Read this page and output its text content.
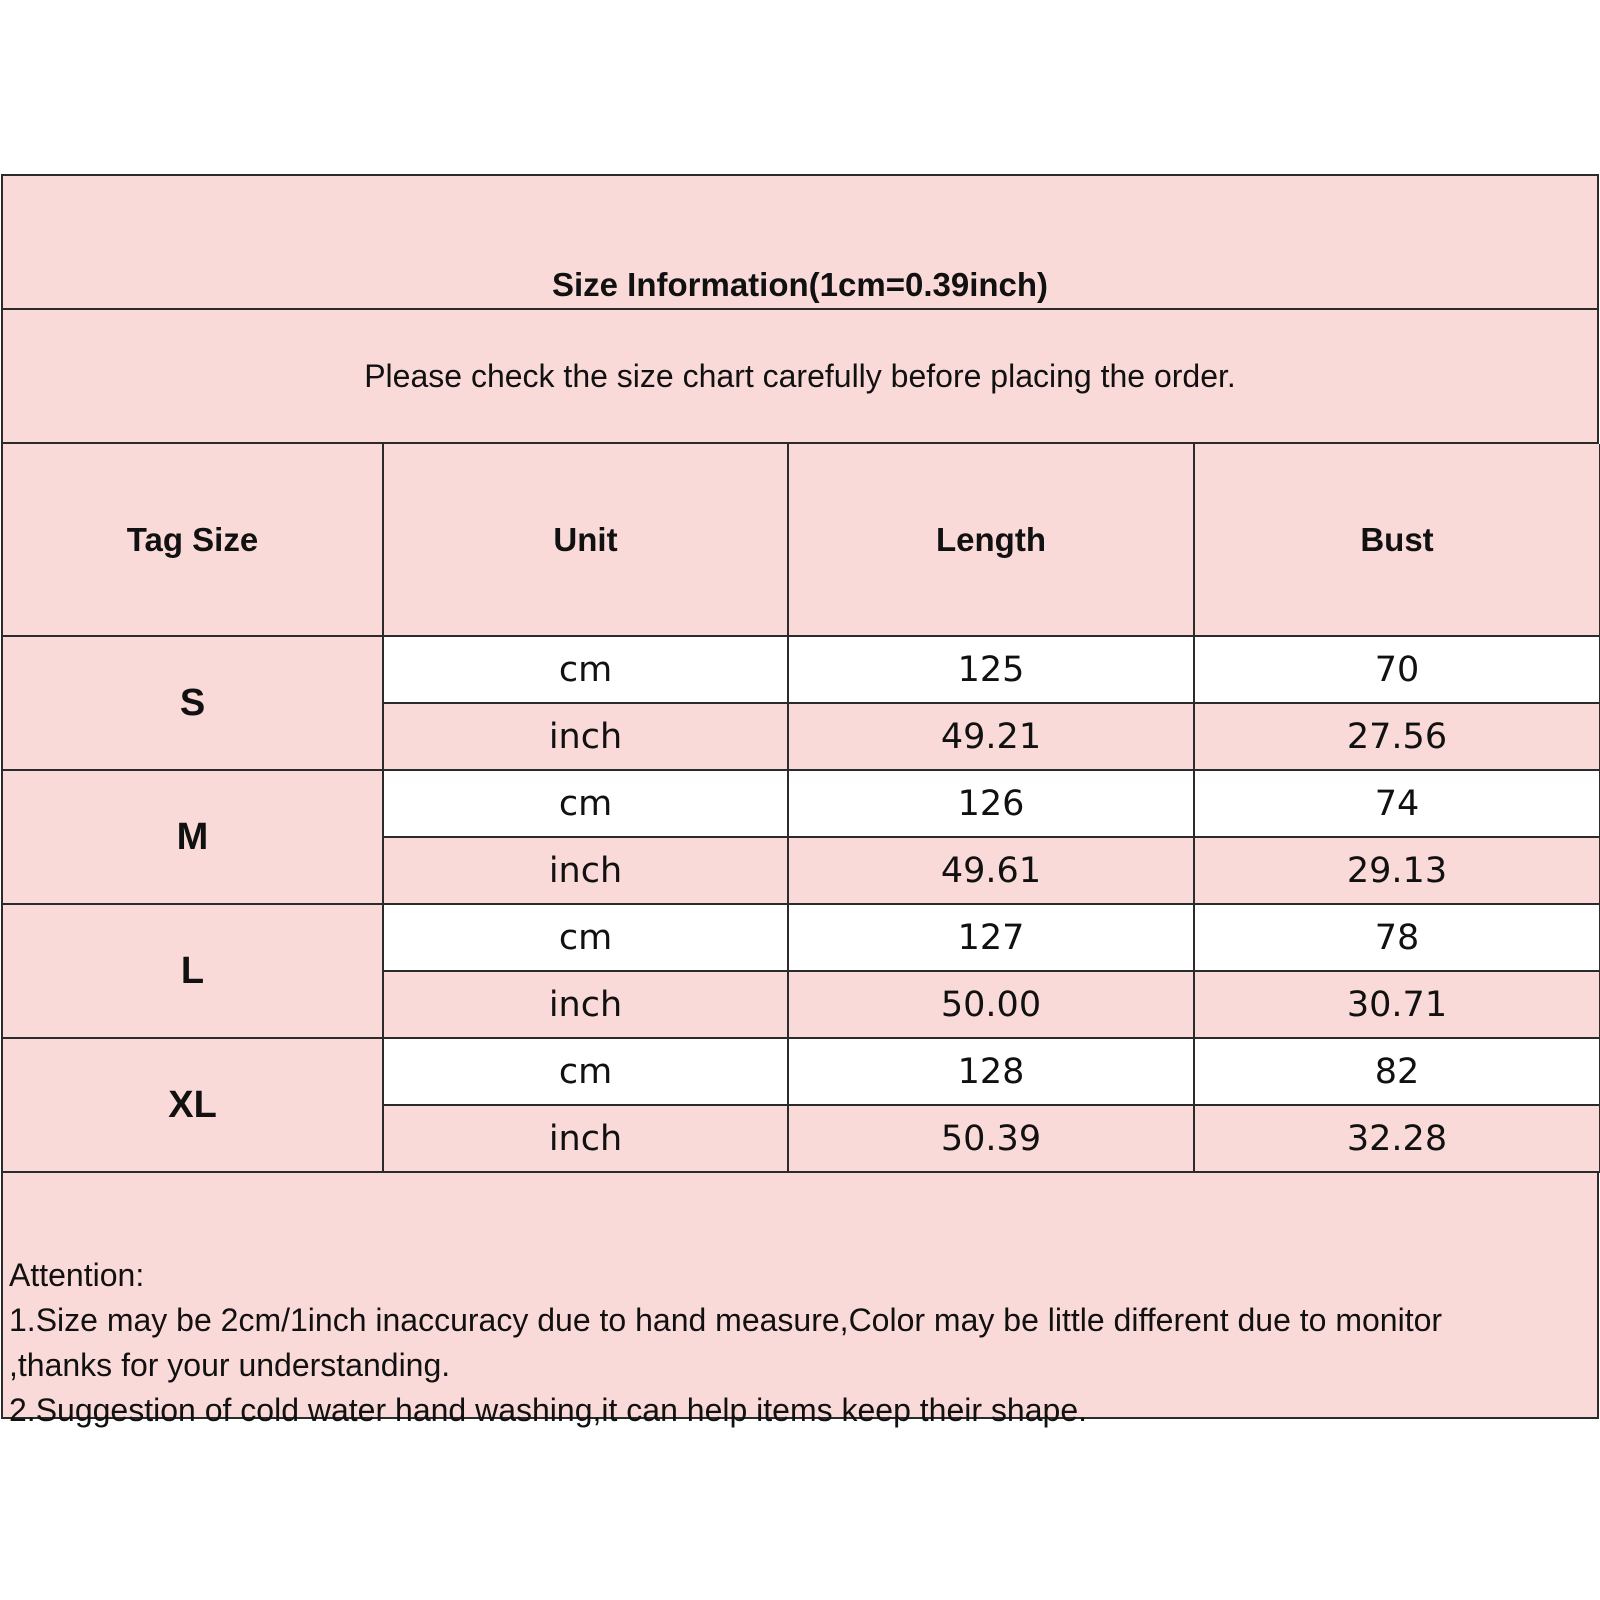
Size Information(1cm=0.39inch)
Please check the size chart carefully before placing the order.
Tag Size	Unit	Length	Bust
S	cm	125	70
	inch	49.21	27.56
M	cm	126	74
	inch	49.61	29.13
L	cm	127	78
	inch	50.00	30.71
XL	cm	128	82
	inch	50.39	32.28
Attention:
1.Size may be 2cm/1inch inaccuracy due to hand measure,Color may be little different due to monitor
,thanks for your understanding.
2.Suggestion of cold water hand washing,it can help items keep their shape.
